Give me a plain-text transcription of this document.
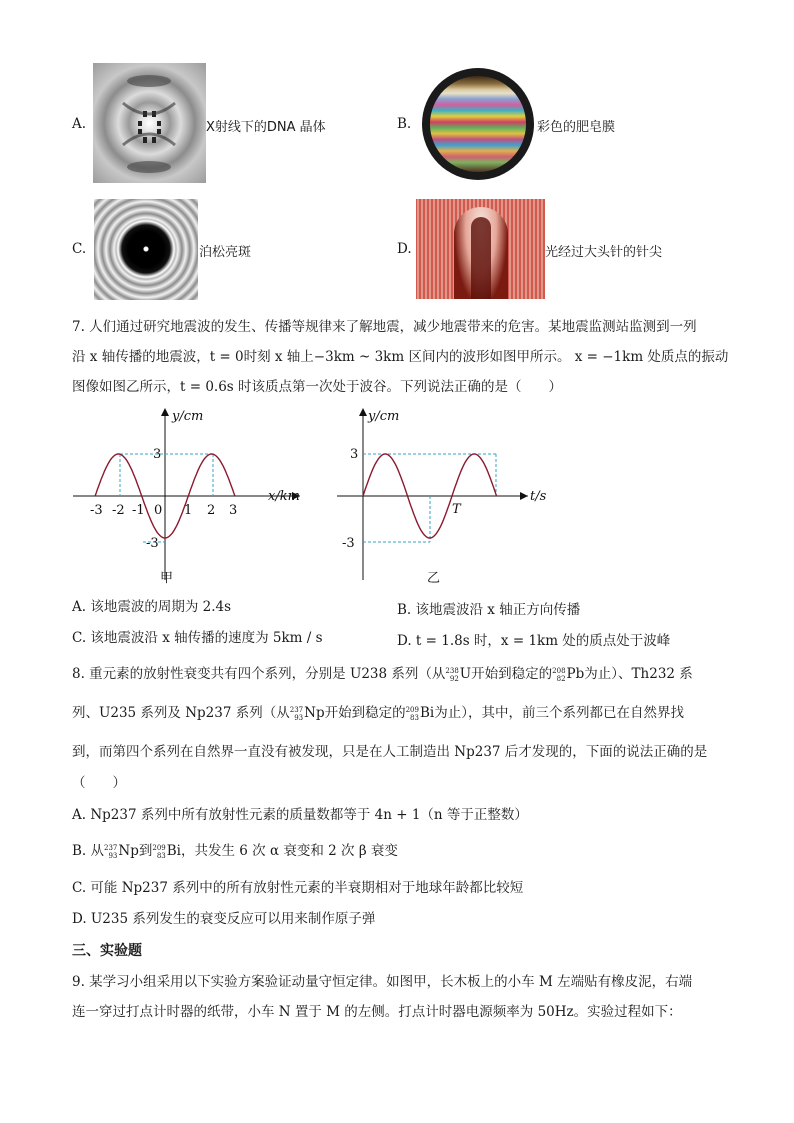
A.	X射线下的DNA 晶体	B.	彩色的肥皂膜
C.	泊松亮斑	D.	光经过大头针的针尖
7. 人们通过研究地震波的发生、传播等规律来了解地震，减少地震带来的危害。某地震监测站监测到一列
沿 x 轴传播的地震波，t = 0时刻 x 轴上−3km ~ 3km 区间内的波形如图甲所示。 x = −1km 处质点的振动
图像如图乙所示，t = 0.6s 时该质点第一次处于波谷。下列说法正确的是（　　）
y/cm
x/km
3
-3
-3 -2 -1 0 1 2 3
甲
y/cm
t/s
3
-3
T
乙
A. 该地震波的周期为 2.4s	B. 该地震波沿 x 轴正方向传播
C. 该地震波沿 x 轴传播的速度为 5km / s	D. t = 1.8s 时，x = 1km 处的质点处于波峰
8. 重元素的放射性衰变共有四个系列，分别是 U238 系列（从 238
92 U开始到稳定的 208
82 Pb为止）、Th232 系
列、U235 系列及 Np237 系列（从 237
93 Np开始到稳定的 209
83 Bi为止），其中，前三个系列都已在自然界找
到，而第四个系列在自然界一直没有被发现，只是在人工制造出 Np237 后才发现的，下面的说法正确的是
（　　）
A. Np237 系列中所有放射性元素的质量数都等于 4n + 1（n 等于正整数）
B. 从 237
93 Np到 209
83 Bi，共发生 6 次 α 衰变和 2 次 β 衰变
C. 可能 Np237 系列中的所有放射性元素的半衰期相对于地球年龄都比较短
D. U235 系列发生的衰变反应可以用来制作原子弹
三、实验题
9. 某学习小组采用以下实验方案验证动量守恒定律。如图甲，长木板上的小车 M 左端贴有橡皮泥，右端
连一穿过打点计时器的纸带，小车 N 置于 M 的左侧。打点计时器电源频率为 50Hz。实验过程如下：
